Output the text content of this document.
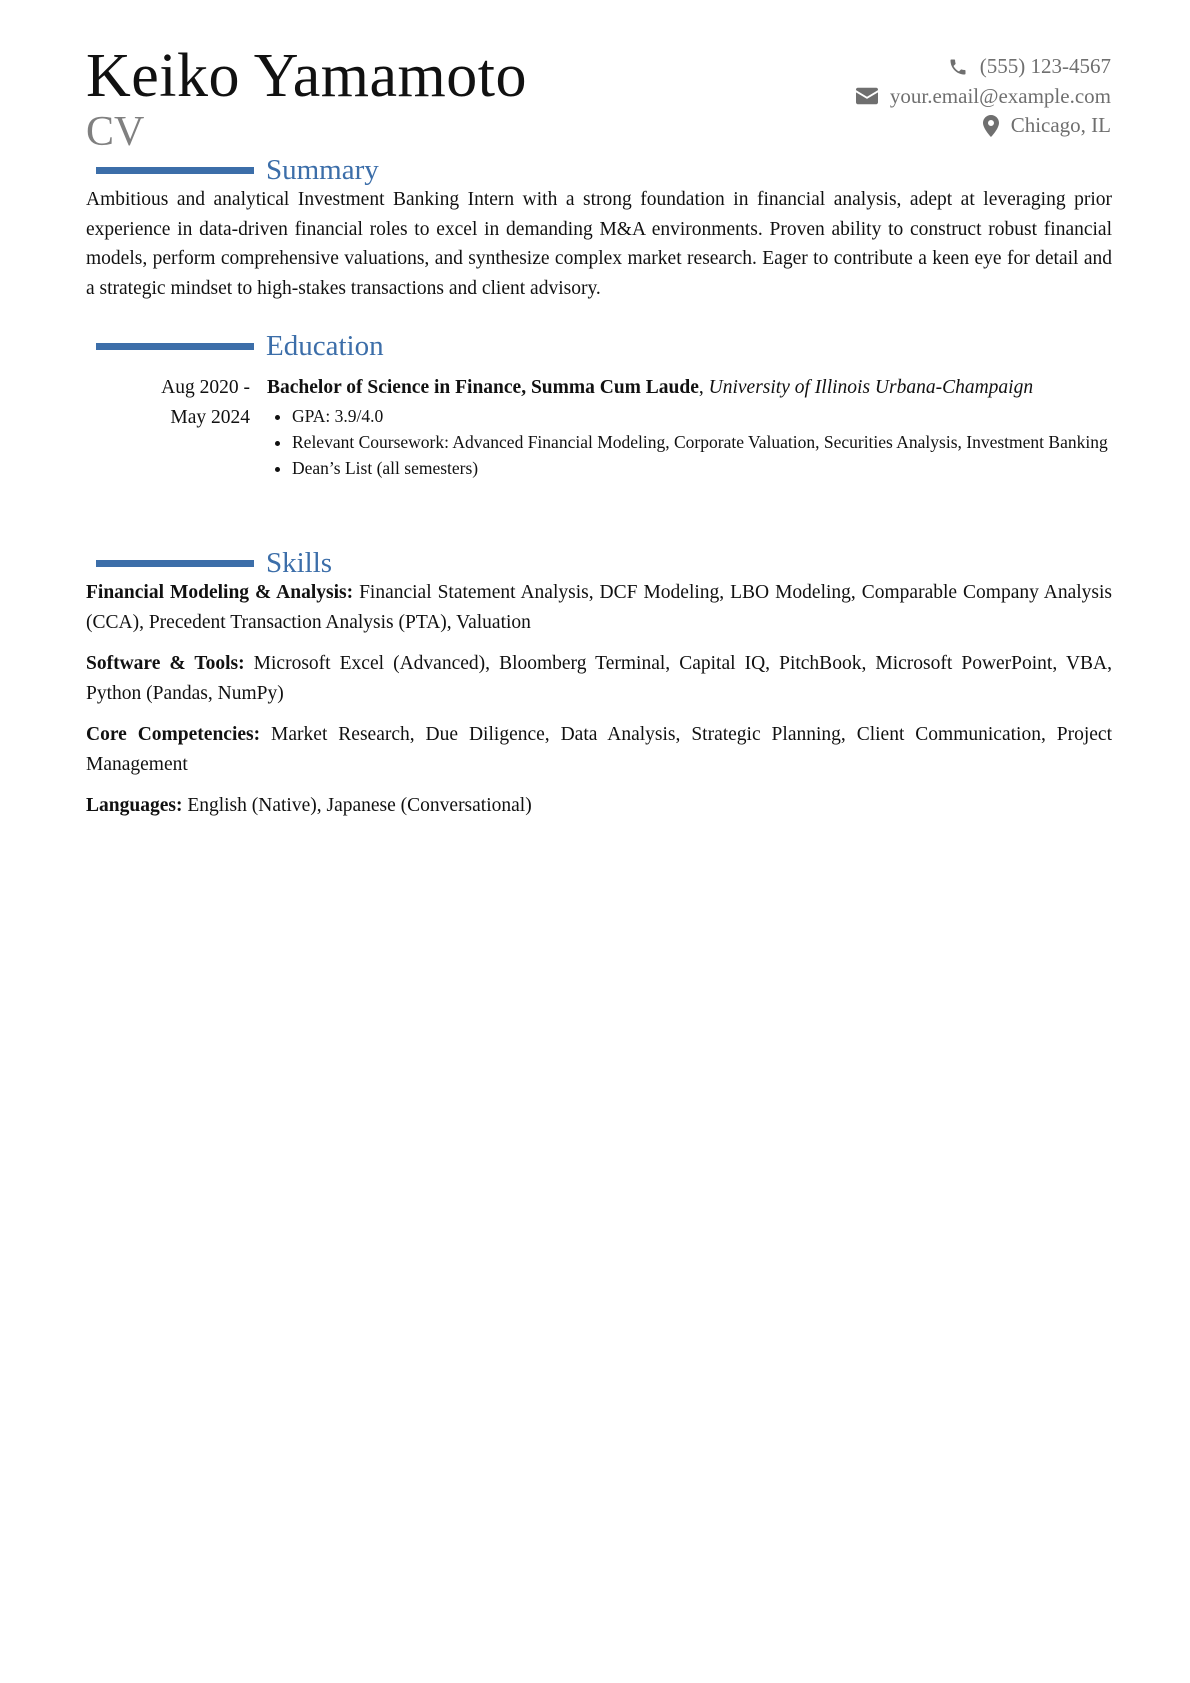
Keiko Yamamoto
CV
(555) 123-4567
your.email@example.com
Chicago, IL
Summary

Ambitious and analytical Investment Banking Intern with a strong foundation in financial analysis, adept at leveraging prior experience in data-driven financial roles to excel in demanding M&A environments. Proven ability to construct robust financial models, perform comprehensive valuations, and synthesize complex market research. Eager to contribute a keen eye for detail and a strategic mindset to high-stakes transactions and client advisory.

Education
Aug 2020 -
May 2024
Bachelor of Science in Finance, Summa Cum Laude, University of Illinois Urbana-Champaign
• GPA: 3.9/4.0
• Relevant Coursework: Advanced Financial Modeling, Corporate Valuation, Securities Analysis, Investment Banking
• Dean’s List (all semesters)
Skills
Financial Modeling & Analysis: Financial Statement Analysis, DCF Modeling, LBO Modeling, Comparable Company Analysis (CCA), Precedent Transaction Analysis (PTA), Valuation
Software & Tools: Microsoft Excel (Advanced), Bloomberg Terminal, Capital IQ, PitchBook, Microsoft PowerPoint, VBA, Python (Pandas, NumPy)
Core Competencies: Market Research, Due Diligence, Data Analysis, Strategic Planning, Client Communication, Project Management
Languages: English (Native), Japanese (Conversational)
